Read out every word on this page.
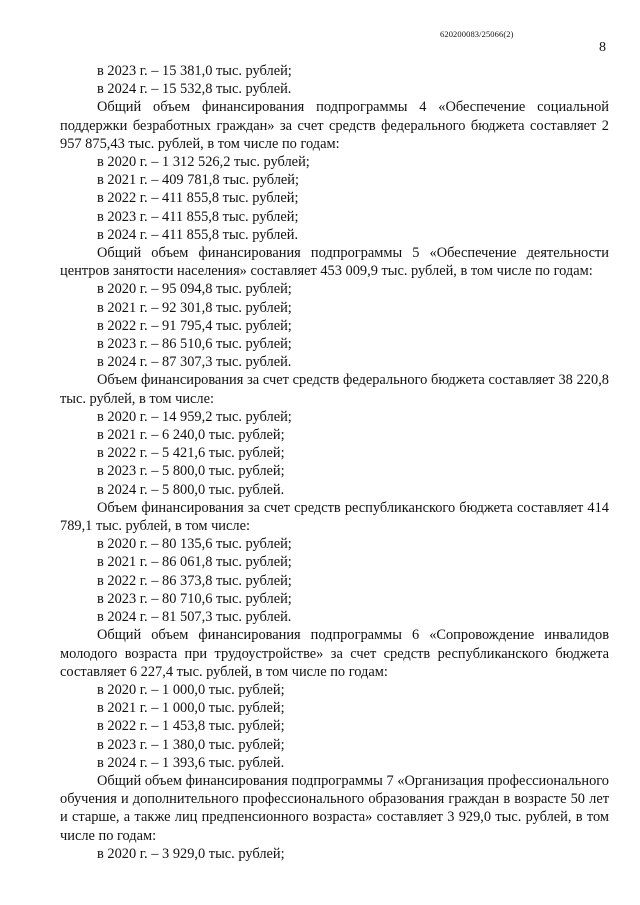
620200083/25066(2)
8
в 2023 г. – 15 381,0 тыс. рублей;
в 2024 г. – 15 532,8 тыс. рублей.
Общий объем финансирования подпрограммы 4 «Обеспечение социальной поддержки безработных граждан» за счет средств федерального бюджета составляет 2 957 875,43 тыс. рублей, в том числе по годам:
в 2020 г. – 1 312 526,2 тыс. рублей;
в 2021 г. – 409 781,8 тыс. рублей;
в 2022 г. – 411 855,8 тыс. рублей;
в 2023 г. – 411 855,8 тыс. рублей;
в 2024 г. – 411 855,8 тыс. рублей.
Общий объем финансирования подпрограммы 5 «Обеспечение деятельности центров занятости населения» составляет 453 009,9 тыс. рублей, в том числе по годам:
в 2020 г. – 95 094,8 тыс. рублей;
в 2021 г. – 92 301,8 тыс. рублей;
в 2022 г. – 91 795,4 тыс. рублей;
в 2023 г. – 86 510,6 тыс. рублей;
в 2024 г. – 87 307,3 тыс. рублей.
Объем финансирования за счет средств федерального бюджета составляет 38 220,8 тыс. рублей, в том числе:
в 2020 г. – 14 959,2 тыс. рублей;
в 2021 г. – 6 240,0 тыс. рублей;
в 2022 г. – 5 421,6 тыс. рублей;
в 2023 г. – 5 800,0 тыс. рублей;
в 2024 г. – 5 800,0 тыс. рублей.
Объем финансирования за счет средств республиканского бюджета составляет 414 789,1 тыс. рублей, в том числе:
в 2020 г. – 80 135,6 тыс. рублей;
в 2021 г. – 86 061,8 тыс. рублей;
в 2022 г. – 86 373,8 тыс. рублей;
в 2023 г. – 80 710,6 тыс. рублей;
в 2024 г. – 81 507,3 тыс. рублей.
Общий объем финансирования подпрограммы 6 «Сопровождение инвалидов молодого возраста при трудоустройстве» за счет средств республиканского бюджета составляет 6 227,4 тыс. рублей, в том числе по годам:
в 2020 г. – 1 000,0 тыс. рублей;
в 2021 г. – 1 000,0 тыс. рублей;
в 2022 г. – 1 453,8 тыс. рублей;
в 2023 г. – 1 380,0 тыс. рублей;
в 2024 г. – 1 393,6 тыс. рублей.
Общий объем финансирования подпрограммы 7 «Организация профессионального обучения и дополнительного профессионального образования граждан в возрасте 50 лет и старше, а также лиц предпенсионного возраста» составляет 3 929,0 тыс. рублей, в том числе по годам:
в 2020 г. – 3 929,0 тыс. рублей;
